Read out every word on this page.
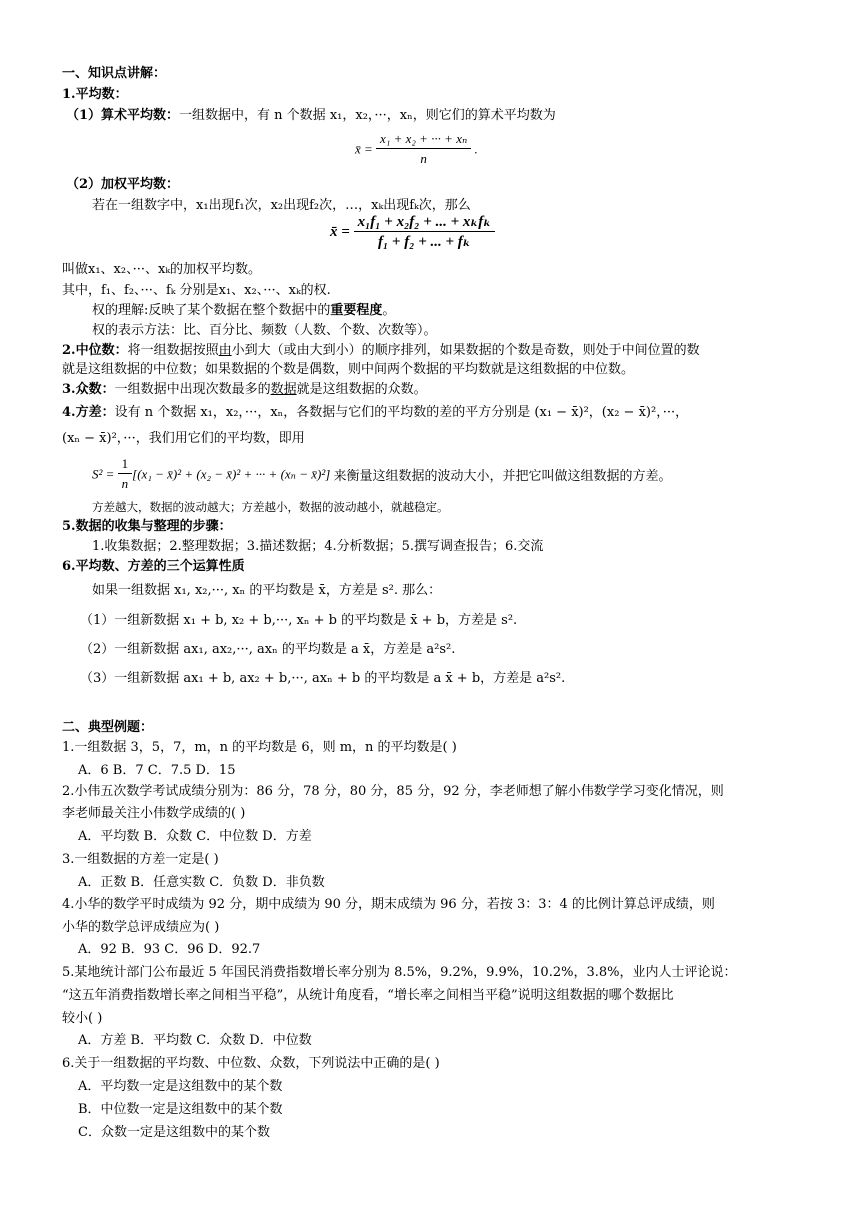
一、知识点讲解：
1.平均数：
（1）算术平均数：一组数据中，有 n 个数据 x₁，x₂，···，xₙ，则它们的算术平均数为
x̄ = $\frac{\text{x₁ + x₂ + ··· + xₙ}}{n}$ .
（2）加权平均数：
若在一组数字中，x₁出现f₁次，x₂出现f₂次，…，xₖ出现fₖ次，那么
x̄ = $\frac{\text{x₁f₁ + x₂f₂ + ... + xₖfₖ}}{\text{f₁ + f₂ + ... + fₖ}}$
叫做x₁、x₂、···、xₖ的加权平均数。
其中，f₁、f₂、···、fₖ 分别是x₁、x₂、···、xₖ的权.
权的理解:反映了某个数据在整个数据中的重要程度。
权的表示方法：比、百分比、频数（人数、个数、次数等）。
2.中位数：将一组数据按照由小到大（或由大到小）的顺序排列，如果数据的个数是奇数，则处于中间位置的数
就是这组数据的中位数；如果数据的个数是偶数，则中间两个数据的平均数就是这组数据的中位数。
3.众数：一组数据中出现次数最多的数据就是这组数据的众数。
4.方差：设有 n 个数据 x₁，x₂，···，xₙ，各数据与它们的平均数的差的平方分别是 (x₁ − x̄)²，(x₂ − x̄)²，···，
(xₙ − x̄)²，···，我们用它们的平均数，即用
$S^2 = \frac{1}{n} [(x_1$ − x̄)² + (x₂ − x̄)² + ··· + (xₙ − x̄)²] 来衡量这组数据的波动大小，并把它叫做这组数据的方差。
方差越大，数据的波动越大；方差越小，数据的波动越小，就越稳定。
5.数据的收集与整理的步骤：
1.收集数据；2.整理数据；3.描述数据；4.分析数据；5.撰写调查报告；6.交流
6.平均数、方差的三个运算性质
如果一组数据 x₁, x₂,···, xₙ 的平均数是 x̄，方差是 s². 那么：
（1）一组新数据 x₁ + b, x₂ + b,···, xₙ + b 的平均数是 x̄ + b，方差是 s².
（2）一组新数据 ax₁, ax₂,···, axₙ 的平均数是 a x̄，方差是 a²s².
（3）一组新数据 ax₁ + b, ax₂ + b,···, axₙ + b 的平均数是 a x̄ + b，方差是 a²s².
二、典型例题：
1.一组数据 3，5，7，m，n 的平均数是 6，则 m，n 的平均数是( )
A．6 B．7 C．7.5 D．15
2.小伟五次数学考试成绩分别为：86 分，78 分，80 分，85 分，92 分，李老师想了解小伟数学学习变化情况，则
李老师最关注小伟数学成绩的( )
A．平均数 B．众数 C．中位数 D．方差
3.一组数据的方差一定是( )
A．正数 B．任意实数 C．负数 D．非负数
4.小华的数学平时成绩为 92 分，期中成绩为 90 分，期末成绩为 96 分，若按 3：3：4 的比例计算总评成绩，则
小华的数学总评成绩应为( )
A．92 B．93 C．96 D．92.7
5.某地统计部门公布最近 5 年国民消费指数增长率分别为 8.5%，9.2%，9.9%，10.2%，3.8%，业内人士评论说：
“这五年消费指数增长率之间相当平稳”，从统计角度看，“增长率之间相当平稳”说明这组数据的哪个数据比
较小( )
A．方差 B．平均数 C．众数 D．中位数
6.关于一组数据的平均数、中位数、众数，下列说法中正确的是( )
A．平均数一定是这组数中的某个数
B．中位数一定是这组数中的某个数
C．众数一定是这组数中的某个数
